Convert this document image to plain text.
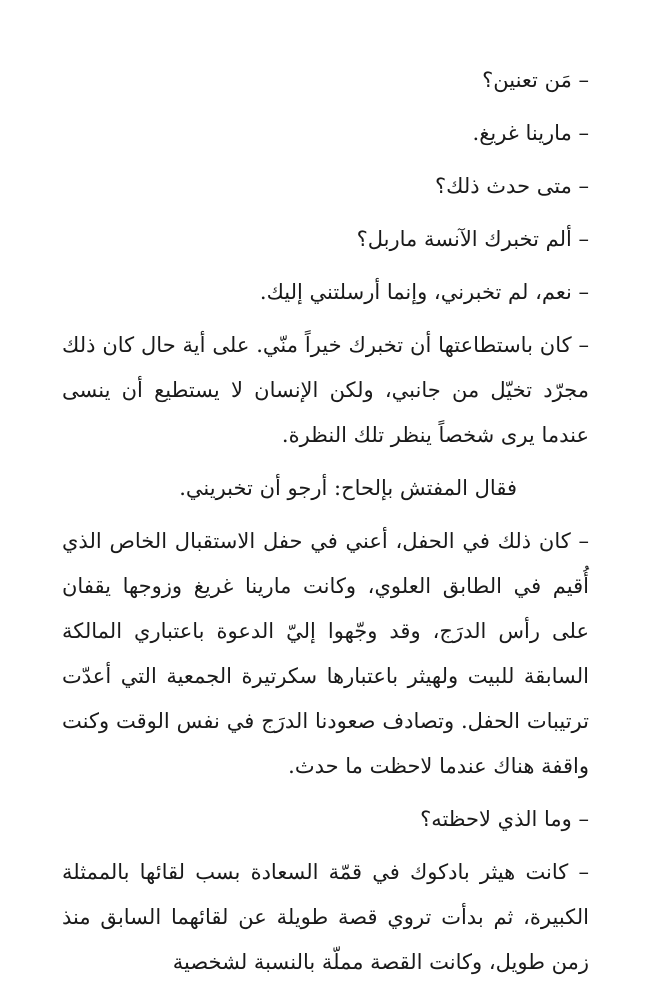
– مَن تعنين؟

– مارينا غريغ.

– متى حدث ذلك؟

– ألم تخبرك الآنسة ماربل؟

– نعم، لم تخبرني، وإنما أرسلتني إليك.

– كان باستطاعتها أن تخبرك خيراً منّي. على أية حال كان ذلك مجرّد تخيّل من جانبي، ولكن الإنسان لا يستطيع أن ينسى عندما يرى شخصاً ينظر تلك النظرة.

فقال المفتش بإلحاح: أرجو أن تخبريني.

– كان ذلك في الحفل، أعني في حفل الاستقبال الخاص الذي أُقيم في الطابق العلوي، وكانت مارينا غريغ وزوجها يقفان على رأس الدرَج، وقد وجّهوا إليّ الدعوة باعتباري المالكة السابقة للبيت ولهيثر باعتبارها سكرتيرة الجمعية التي أعدّت ترتيبات الحفل. وتصادف صعودنا الدرَج في نفس الوقت وكنت واقفة هناك عندما لاحظت ما حدث.

– وما الذي لاحظته؟

– كانت هيثر بادكوك في قمّة السعادة بسب لقائها بالممثلة الكبيرة، ثم بدأت تروي قصة طويلة عن لقائهما السابق منذ زمن طويل، وكانت القصة مملّة بالنسبة لشخصية
